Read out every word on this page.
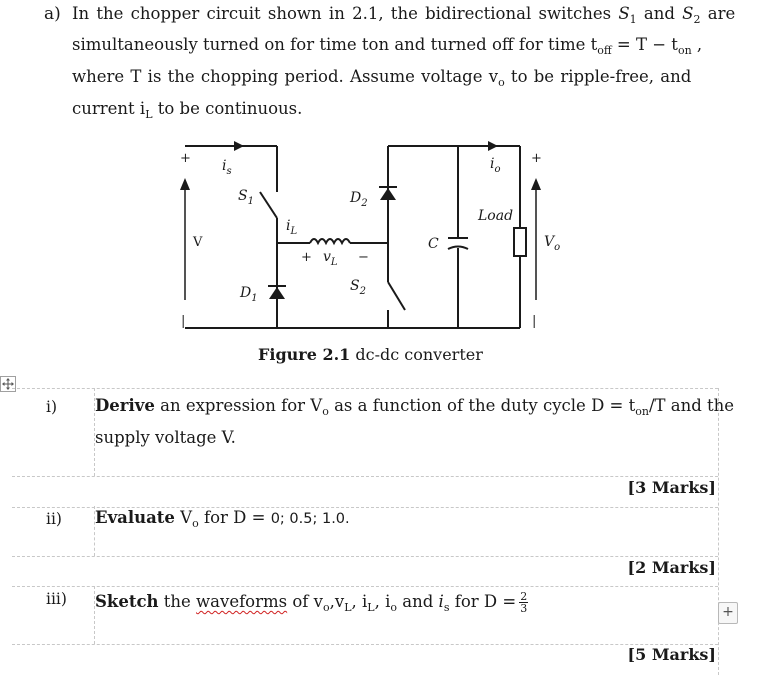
a) In the chopper circuit shown in 2.1, the bidirectional switches $S_1$ and $S_2$ are
simultaneously turned on for time ton and turned off for time $t_{off} = T - t_{on}$ ,
where T is the chopping period. Assume voltage $v_o$ to be ripple-free, and
current $i_L$ to be continuous.
+ $i_s$
$S_1$
V
$D_1$
|
$i_L$
+ $v_L$ −
$D_2$
$S_2$
C
$i_o$
Load
$V_o$
+
|
Figure 2.1 dc-dc converter
i) Derive an expression for $V_o$ as a function of the duty cycle $D = t_{on}/T$ and the
supply voltage V.
[3 Marks]
ii) Evaluate $V_o$ for D = 0; 0.5; 1.0.
[2 Marks]
iii) Sketch the waveforms of $v_o,v_L$, $i_L$, $i_o$ and $i_s$ for $D = \frac{2}{3}$
[5 Marks]
+
